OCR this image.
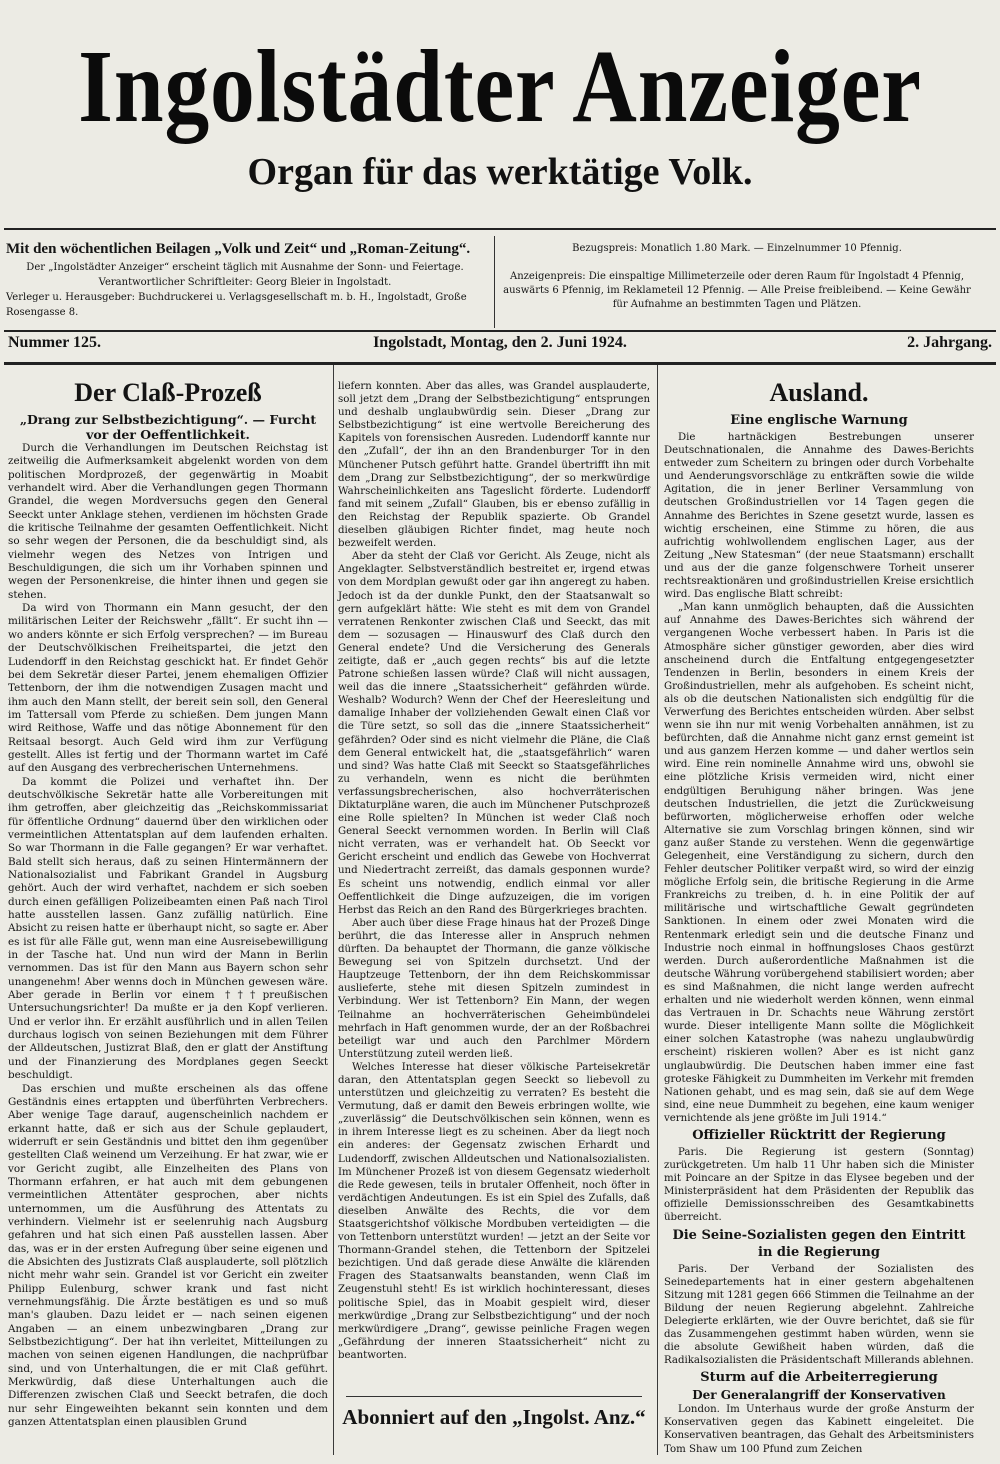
Ingolstädter Anzeiger
Organ für das werktätige Volk.
Mit den wöchentlichen Beilagen „Volk und Zeit“ und „Roman-Zeitung“.
Der „Ingolstädter Anzeiger“ erscheint täglich mit Ausnahme der Sonn- und Feiertage.
Verantwortlicher Schriftleiter: Georg Bleier in Ingolstadt.
Verleger u. Herausgeber: Buchdruckerei u. Verlagsgesellschaft m. b. H., Ingolstadt, Große Rosengasse 8.
Bezugspreis: Monatlich 1.80 Mark. — Einzelnummer 10 Pfennig.
Anzeigenpreis: Die einspaltige Millimeterzeile oder deren Raum für Ingolstadt 4 Pfennig, auswärts 6 Pfennig, im Reklameteil 12 Pfennig. — Alle Preise freibleibend. — Keine Gewähr für Aufnahme an bestimmten Tagen und Plätzen.
Nummer 125.	Ingolstadt, Montag, den 2. Juni 1924.	2. Jahrgang.
Der Claß-Prozeß
„Drang zur Selbstbezichtigung“. — Furcht vor der Oeffentlichkeit.

Durch die Verhandlungen im Deutschen Reichstag ist zeitweilig die Aufmerksamkeit abgelenkt worden von dem politischen Mordprozeß, der gegenwärtig in Moabit verhandelt wird. Aber die Verhandlungen gegen Thormann Grandel, die wegen Mordversuchs gegen den General Seeckt unter Anklage stehen, verdienen im höchsten Grade die kritische Teilnahme der gesamten Oeffentlichkeit. Nicht so sehr wegen der Personen, die da beschuldigt sind, als vielmehr wegen des Netzes von Intrigen und Beschuldigungen, die sich um ihr Vorhaben spinnen und wegen der Personenkreise, die hinter ihnen und gegen sie stehen.

Da wird von Thormann ein Mann gesucht, der den militärischen Leiter der Reichswehr „fällt“. Er sucht ihn — wo anders könnte er sich Erfolg versprechen? — im Bureau der Deutschvölkischen Freiheitspartei, die jetzt den Ludendorff in den Reichstag geschickt hat. Er findet Gehör bei dem Sekretär dieser Partei, jenem ehemaligen Offizier Tettenborn, der ihm die notwendigen Zusagen macht und ihm auch den Mann stellt, der bereit sein soll, den General im Tattersall vom Pferde zu schießen. Dem jungen Mann wird Reithose, Waffe und das nötige Abonnement für den Reitsaal besorgt. Auch Geld wird ihm zur Verfügung gestellt. Alles ist fertig und der Thormann wartet im Café auf den Ausgang des verbrecherischen Unternehmens.

Da kommt die Polizei und verhaftet ihn. Der deutschvölkische Sekretär hatte alle Vorbereitungen mit ihm getroffen, aber gleichzeitig das „Reichskommissariat für öffentliche Ordnung“ dauernd über den wirklichen oder vermeintlichen Attentatsplan auf dem laufenden erhalten. So war Thormann in die Falle gegangen? Er war verhaftet. Bald stellt sich heraus, daß zu seinen Hintermännern der Nationalsozialist und Fabrikant Grandel in Augsburg gehört. Auch der wird verhaftet, nachdem er sich soeben durch einen gefälligen Polizeibeamten einen Paß nach Tirol hatte ausstellen lassen. Ganz zufällig natürlich. Eine Absicht zu reisen hatte er überhaupt nicht, so sagte er. Aber es ist für alle Fälle gut, wenn man eine Ausreisebewilligung in der Tasche hat. Und nun wird der Mann in Berlin vernommen. Das ist für den Mann aus Bayern schon sehr unangenehm! Aber wenns doch in München gewesen wäre. Aber gerade in Berlin vor einem †††preußischen Untersuchungsrichter! Da mußte er ja den Kopf verlieren. Und er verlor ihn. Er erzählt ausführlich und in allen Teilen durchaus logisch von seinen Beziehungen mit dem Führer der Alldeutschen, Justizrat Blaß, den er glatt der Anstiftung und der Finanzierung des Mordplanes gegen Seeckt beschuldigt.

Das erschien und mußte erscheinen als das offene Geständnis eines ertappten und überführten Verbrechers. Aber wenige Tage darauf, augenscheinlich nachdem er erkannt hatte, daß er sich aus der Schule geplaudert, widerruft er sein Geständnis und bittet den ihm gegenüber gestellten Claß weinend um Verzeihung. Er hat zwar, wie er vor Gericht zugibt, alle Einzelheiten des Plans von Thormann erfahren, er hat auch mit dem gebungenen vermeintlichen Attentäter gesprochen, aber nichts unternommen, um die Ausführung des Attentats zu verhindern. Vielmehr ist er seelenruhig nach Augsburg gefahren und hat sich einen Paß ausstellen lassen. Aber das, was er in der ersten Aufregung über seine eigenen und die Absichten des Justizrats Claß ausplauderte, soll plötzlich nicht mehr wahr sein. Grandel ist vor Gericht ein zweiter Philipp Eulenburg, schwer krank und fast nicht vernehmungsfähig. Die Ärzte bestätigen es und so muß man's glauben. Dazu leidet er — nach seinen eigenen Angaben — an einem unbezwingbaren „Drang zur Selbstbezichtigung“. Der hat ihn verleitet, Mitteilungen zu machen von seinen eigenen Handlungen, die nachprüfbar sind, und von Unterhaltungen, die er mit Claß geführt. Merkwürdig, daß diese Unterhaltungen auch die Differenzen zwischen Claß und Seeckt betrafen, die doch nur sehr Eingeweihten bekannt sein konnten und dem ganzen Attentatsplan einen plausiblen Grund

liefern konnten. Aber das alles, was Grandel ausplauderte, soll jetzt dem „Drang der Selbstbezichtigung“ entsprungen und deshalb unglaubwürdig sein. Dieser „Drang zur Selbstbezichtigung“ ist eine wertvolle Bereicherung des Kapitels von forensischen Ausreden. Ludendorff kannte nur den „Zufall“, der ihn an den Brandenburger Tor in den Münchener Putsch geführt hatte. Grandel übertrifft ihn mit dem „Drang zur Selbstbezichtigung“, der so merkwürdige Wahrscheinlichkeiten ans Tageslicht förderte. Ludendorff fand mit seinem „Zufall“ Glauben, bis er ebenso zufällig in den Reichstag der Republik spazierte. Ob Grandel dieselben gläubigen Richter findet, mag heute noch bezweifelt werden.

Aber da steht der Claß vor Gericht. Als Zeuge, nicht als Angeklagter. Selbstverständlich bestreitet er, irgend etwas von dem Mordplan gewußt oder gar ihn angeregt zu haben. Jedoch ist da der dunkle Punkt, den der Staatsanwalt so gern aufgeklärt hätte: Wie steht es mit dem von Grandel verratenen Renkonter zwischen Claß und Seeckt, das mit dem — sozusagen — Hinauswurf des Claß durch den General endete? Und die Versicherung des Generals zeitigte, daß er „auch gegen rechts“ bis auf die letzte Patrone schießen lassen würde? Claß will nicht aussagen, weil das die innere „Staatssicherheit“ gefährden würde. Weshalb? Wodurch? Wenn der Chef der Heeresleitung und damalige Inhaber der vollziehenden Gewalt einen Claß vor die Türe setzt, so soll das die „innere Staatssicherheit“ gefährden? Oder sind es nicht vielmehr die Pläne, die Claß dem General entwickelt hat, die „staatsgefährlich“ waren und sind? Was hatte Claß mit Seeckt so Staatsgefährliches zu verhandeln, wenn es nicht die berühmten verfassungsbrecherischen, also hochverräterischen Diktaturpläne waren, die auch im Münchener Putschprozeß eine Rolle spielten? In München ist weder Claß noch General Seeckt vernommen worden. In Berlin will Claß nicht verraten, was er verhandelt hat. Ob Seeckt vor Gericht erscheint und endlich das Gewebe von Hochverrat und Niedertracht zerreißt, das damals gesponnen wurde? Es scheint uns notwendig, endlich einmal vor aller Oeffentlichkeit die Dinge aufzuzeigen, die im vorigen Herbst das Reich an den Rand des Bürgerkrieges brachten.

Aber auch über diese Frage hinaus hat der Prozeß Dinge berührt, die das Interesse aller in Anspruch nehmen dürften. Da behauptet der Thormann, die ganze völkische Bewegung sei von Spitzeln durchsetzt. Und der Hauptzeuge Tettenborn, der ihn dem Reichskommissar auslieferte, stehe mit diesen Spitzeln zumindest in Verbindung. Wer ist Tettenborn? Ein Mann, der wegen Teilnahme an hochverräterischen Geheimbündelei mehrfach in Haft genommen wurde, der an der Roßbachrei beteiligt war und auch den Parchlmer Mördern Unterstützung zuteil werden ließ.

Welches Interesse hat dieser völkische Parteisekretär daran, den Attentatsplan gegen Seeckt so liebevoll zu unterstützen und gleichzeitig zu verraten? Es besteht die Vermutung, daß er damit den Beweis erbringen wollte, wie „zuverlässig“ die Deutschvölkischen sein können, wenn es in ihrem Interesse liegt es zu scheinen. Aber da liegt noch ein anderes: der Gegensatz zwischen Erhardt und Ludendorff, zwischen Alldeutschen und Nationalsozialisten. Im Münchener Prozeß ist von diesem Gegensatz wiederholt die Rede gewesen, teils in brutaler Offenheit, noch öfter in verdächtigen Andeutungen. Es ist ein Spiel des Zufalls, daß dieselben Anwälte des Rechts, die vor dem Staatsgerichtshof völkische Mordbuben verteidigten — die von Tettenborn unterstützt wurden! — jetzt an der Seite vor Thormann-Grandel stehen, die Tettenborn der Spitzelei bezichtigen. Und daß gerade diese Anwälte die klärenden Fragen des Staatsanwalts beanstanden, wenn Claß im Zeugenstuhl steht! Es ist wirklich hochinteressant, dieses politische Spiel, das in Moabit gespielt wird, dieser merkwürdige „Drang zur Selbstbezichtigung“ und der noch merkwürdigere „Drang“, gewisse peinliche Fragen wegen „Gefährdung der inneren Staatssicherheit“ nicht zu beantworten.

Abonniert auf den „Ingolst. Anz.“
Ausland.
Eine englische Warnung

Die hartnäckigen Bestrebungen unserer Deutschnationalen, die Annahme des Dawes-Berichts entweder zum Scheitern zu bringen oder durch Vorbehalte und Aenderungsvorschläge zu entkräften sowie die wilde Agitation, die in jener Berliner Versammlung von deutschen Großindustriellen vor 14 Tagen gegen die Annahme des Berichtes in Szene gesetzt wurde, lassen es wichtig erscheinen, eine Stimme zu hören, die aus aufrichtig wohlwollendem englischen Lager, aus der Zeitung „New Statesman“ (der neue Staatsmann) erschallt und aus der die ganze folgenschwere Torheit unserer rechtsreaktionären und großindustriellen Kreise ersichtlich wird. Das englische Blatt schreibt:

„Man kann unmöglich behaupten, daß die Aussichten auf Annahme des Dawes-Berichtes sich während der vergangenen Woche verbessert haben. In Paris ist die Atmosphäre sicher günstiger geworden, aber dies wird anscheinend durch die Entfaltung entgegengesetzter Tendenzen in Berlin, besonders in einem Kreis der Großindustriellen, mehr als aufgehoben. Es scheint nicht, als ob die deutschen Nationalisten sich endgültig für die Verwerfung des Berichtes entscheiden würden. Aber selbst wenn sie ihn nur mit wenig Vorbehalten annähmen, ist zu befürchten, daß die Annahme nicht ganz ernst gemeint ist und aus ganzem Herzen komme — und daher wertlos sein wird. Eine rein nominelle Annahme wird uns, obwohl sie eine plötzliche Krisis vermeiden wird, nicht einer endgültigen Beruhigung näher bringen. Was jene deutschen Industriellen, die jetzt die Zurückweisung befürworten, möglicherweise erhoffen oder welche Alternative sie zum Vorschlag bringen können, sind wir ganz außer Stande zu verstehen. Wenn die gegenwärtige Gelegenheit, eine Verständigung zu sichern, durch den Fehler deutscher Politiker verpaßt wird, so wird der einzig mögliche Erfolg sein, die britische Regierung in die Arme Frankreichs zu treiben, d. h. in eine Politik der auf militärische und wirtschaftliche Gewalt gegründeten Sanktionen. In einem oder zwei Monaten wird die Rentenmark erledigt sein und die deutsche Finanz und Industrie noch einmal in hoffnungsloses Chaos gestürzt werden. Durch außerordentliche Maßnahmen ist die deutsche Währung vorübergehend stabilisiert worden; aber es sind Maßnahmen, die nicht lange werden aufrecht erhalten und nie wiederholt werden können, wenn einmal das Vertrauen in Dr. Schachts neue Währung zerstört wurde. Dieser intelligente Mann sollte die Möglichkeit einer solchen Katastrophe (was nahezu unglaubwürdig erscheint) riskieren wollen? Aber es ist nicht ganz unglaubwürdig. Die Deutschen haben immer eine fast groteske Fähigkeit zu Dummheiten im Verkehr mit fremden Nationen gehabt, und es mag sein, daß sie auf dem Wege sind, eine neue Dummheit zu begehen, eine kaum weniger vernichtende als jene größte im Juli 1914.“

Offizieller Rücktritt der Regierung

Paris. Die Regierung ist gestern (Sonntag) zurückgetreten. Um halb 11 Uhr haben sich die Minister mit Poincare an der Spitze in das Elysee begeben und der Ministerpräsident hat dem Präsidenten der Republik das offizielle Demissionsschreiben des Gesamtkabinetts überreicht.

Die Seine-Sozialisten gegen den Eintritt in die Regierung

Paris. Der Verband der Sozialisten des Seinedepartements hat in einer gestern abgehaltenen Sitzung mit 1281 gegen 666 Stimmen die Teilnahme an der Bildung der neuen Regierung abgelehnt. Zahlreiche Delegierte erklärten, wie der Ouvre berichtet, daß sie für das Zusammengehen gestimmt haben würden, wenn sie die absolute Gewißheit haben würden, daß die Radikalsozialisten die Präsidentschaft Millerands ablehnen.

Sturm auf die Arbeiterregierung
Der Generalangriff der Konservativen

London. Im Unterhaus wurde der große Ansturm der Konservativen gegen das Kabinett eingeleitet. Die Konservativen beantragen, das Gehalt des Arbeitsministers Tom Shaw um 100 Pfund zum Zeichen
